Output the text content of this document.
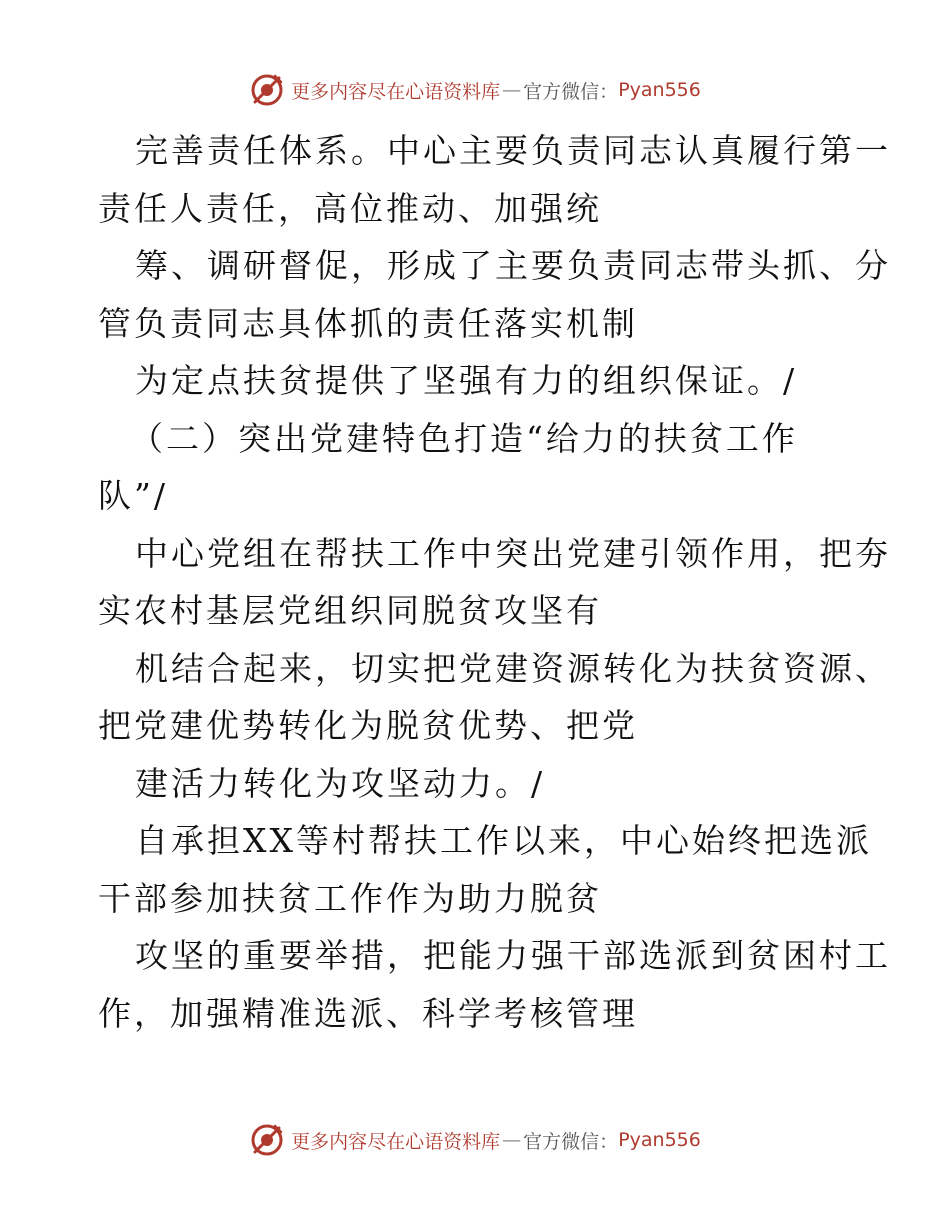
更多内容尽在心语资料库 — 官方微信： Pyan556
完善责任体系。中心主要负责同志认真履行第一
责任人责任，高位推动、加强统
筹、调研督促，形成了主要负责同志带头抓、分
管负责同志具体抓的责任落实机制
为定点扶贫提供了坚强有力的组织保证。/
（二）突出党建特色打造“给力的扶贫工作
队”/
中心党组在帮扶工作中突出党建引领作用，把夯
实农村基层党组织同脱贫攻坚有
机结合起来，切实把党建资源转化为扶贫资源、
把党建优势转化为脱贫优势、把党
建活力转化为攻坚动力。/
自承担XX等村帮扶工作以来，中心始终把选派
干部参加扶贫工作作为助力脱贫
攻坚的重要举措，把能力强干部选派到贫困村工
作，加强精准选派、科学考核管理
更多内容尽在心语资料库 — 官方微信： Pyan556
